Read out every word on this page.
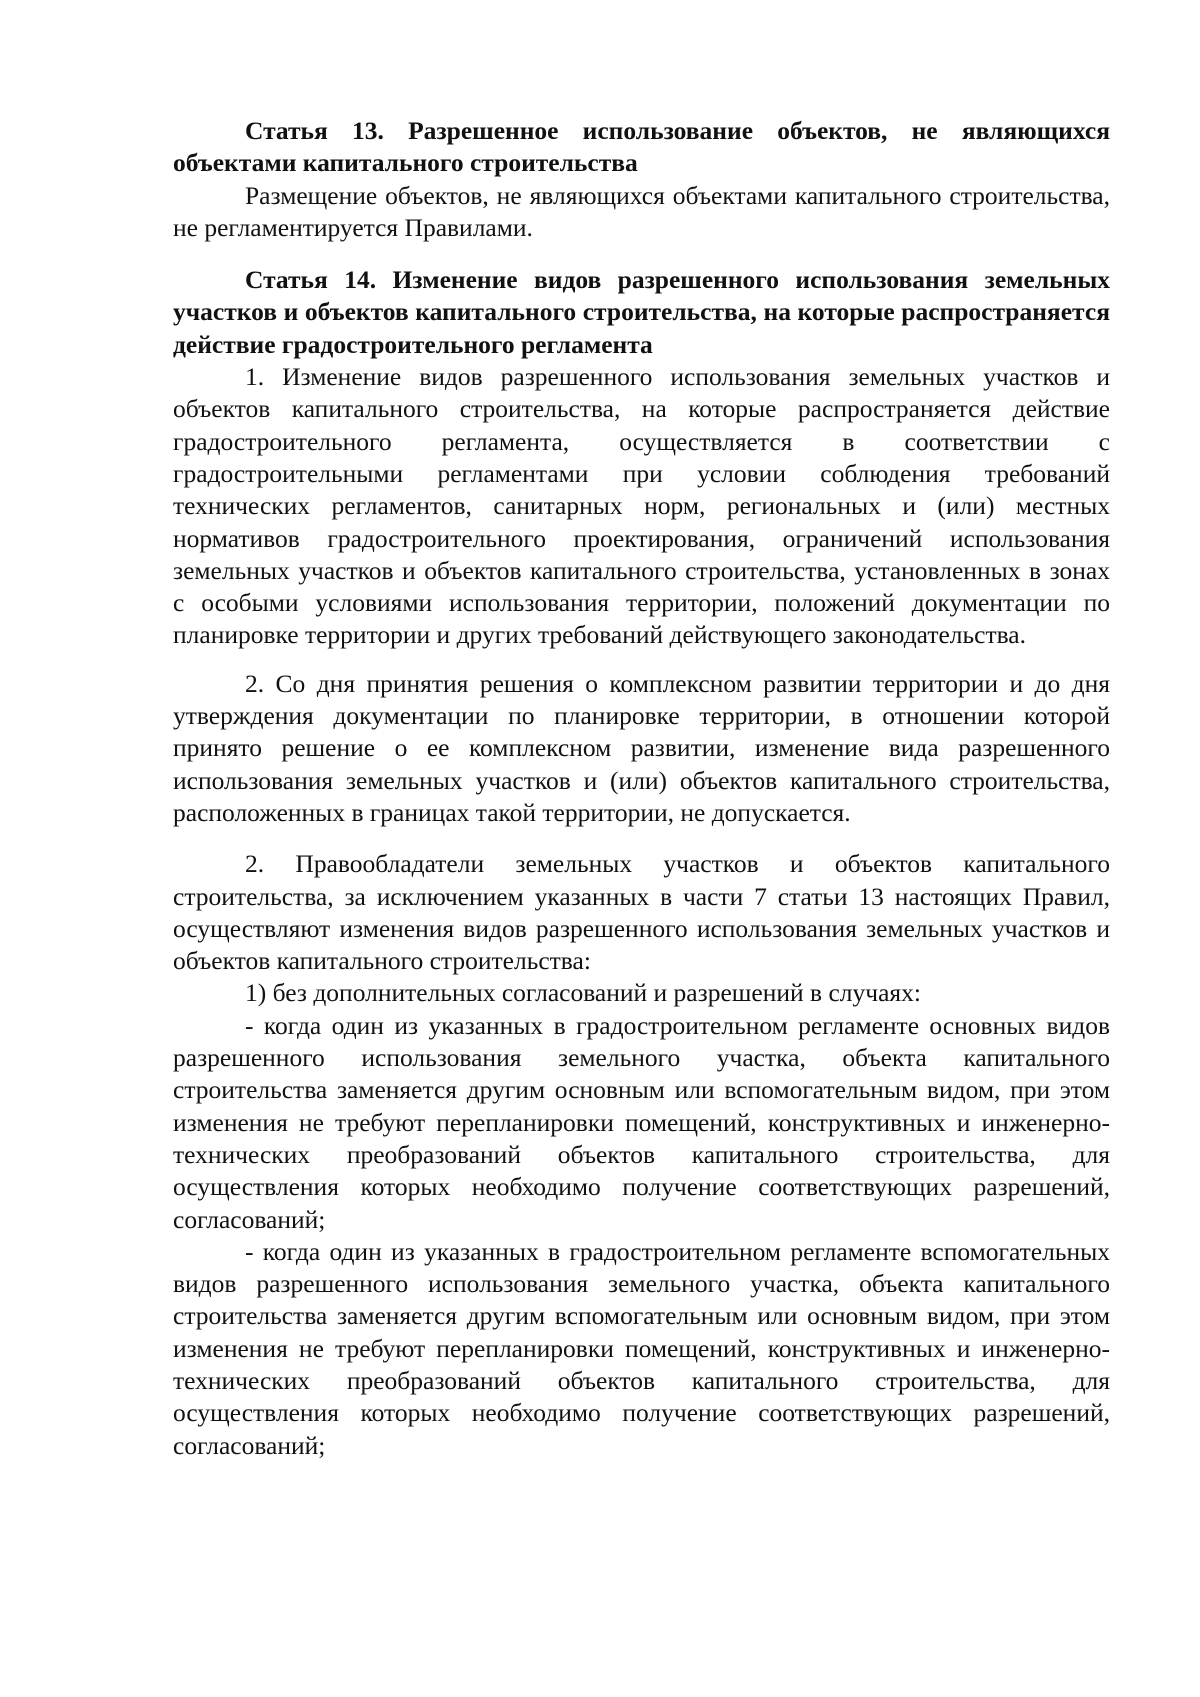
Статья 13. Разрешенное использование объектов, не являющихся объектами капитального строительства

Размещение объектов, не являющихся объектами капитального строительства, не регламентируется Правилами.

Статья 14. Изменение видов разрешенного использования земельных участков и объектов капитального строительства, на которые распространяется действие градостроительного регламента

1. Изменение видов разрешенного использования земельных участков и объектов капитального строительства, на которые распространяется действие градостроительного регламента, осуществляется в соответствии с градостроительными регламентами при условии соблюдения требований технических регламентов, санитарных норм, региональных и (или) местных нормативов градостроительного проектирования, ограничений использования земельных участков и объектов капитального строительства, установленных в зонах с особыми условиями использования территории, положений документации по планировке территории и других требований действующего законодательства.

2. Со дня принятия решения о комплексном развитии территории и до дня утверждения документации по планировке территории, в отношении которой принято решение о ее комплексном развитии, изменение вида разрешенного использования земельных участков и (или) объектов капитального строительства, расположенных в границах такой территории, не допускается.

2. Правообладатели земельных участков и объектов капитального строительства, за исключением указанных в части 7 статьи 13 настоящих Правил, осуществляют изменения видов разрешенного использования земельных участков и объектов капитального строительства:

1) без дополнительных согласований и разрешений в случаях:

- когда один из указанных в градостроительном регламенте основных видов разрешенного использования земельного участка, объекта капитального строительства заменяется другим основным или вспомогательным видом, при этом изменения не требуют перепланировки помещений, конструктивных и инженерно-технических преобразований объектов капитального строительства, для осуществления которых необходимо получение соответствующих разрешений, согласований;

- когда один из указанных в градостроительном регламенте вспомогательных видов разрешенного использования земельного участка, объекта капитального строительства заменяется другим вспомогательным или основным видом, при этом изменения не требуют перепланировки помещений, конструктивных и инженерно-технических преобразований объектов капитального строительства, для осуществления которых необходимо получение соответствующих разрешений, согласований;
